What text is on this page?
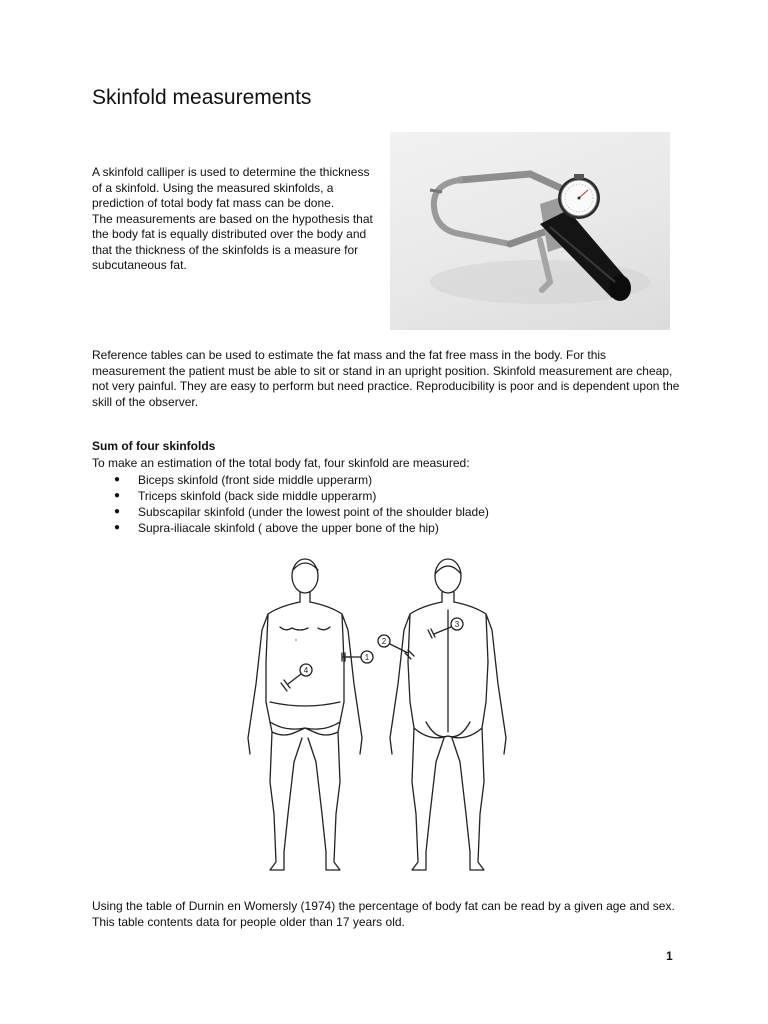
Skinfold measurements

A skinfold calliper is used to determine the thickness of a skinfold. Using the measured skinfolds, a prediction of total body fat mass can be done.

The measurements are based on the hypothesis that the body fat is equally distributed over the body and that the thickness of the skinfolds is a measure for subcutaneous fat.

Reference tables can be used to estimate the fat mass and the fat free mass in the body. For this measurement the patient must be able to sit or stand in an upright position. Skinfold measurement are cheap, not very painful. They are easy to perform but need practice. Reproducibility is poor and is dependent upon the skill of the observer.

Sum of four skinfolds

To make an estimation of the total body fat, four skinfold are measured:

● Biceps skinfold (front side middle upperarm)
● Triceps skinfold (back side middle upperarm)
● Subscapilar skinfold (under the lowest point of the shoulder blade)
● Supra-iliacale skinfold ( above the upper bone of the hip)
1
4
2
3

Using the table of Durnin en Womersly (1974) the percentage of body fat can be read by a given age and sex. This table contents data for people older than 17 years old.

1
